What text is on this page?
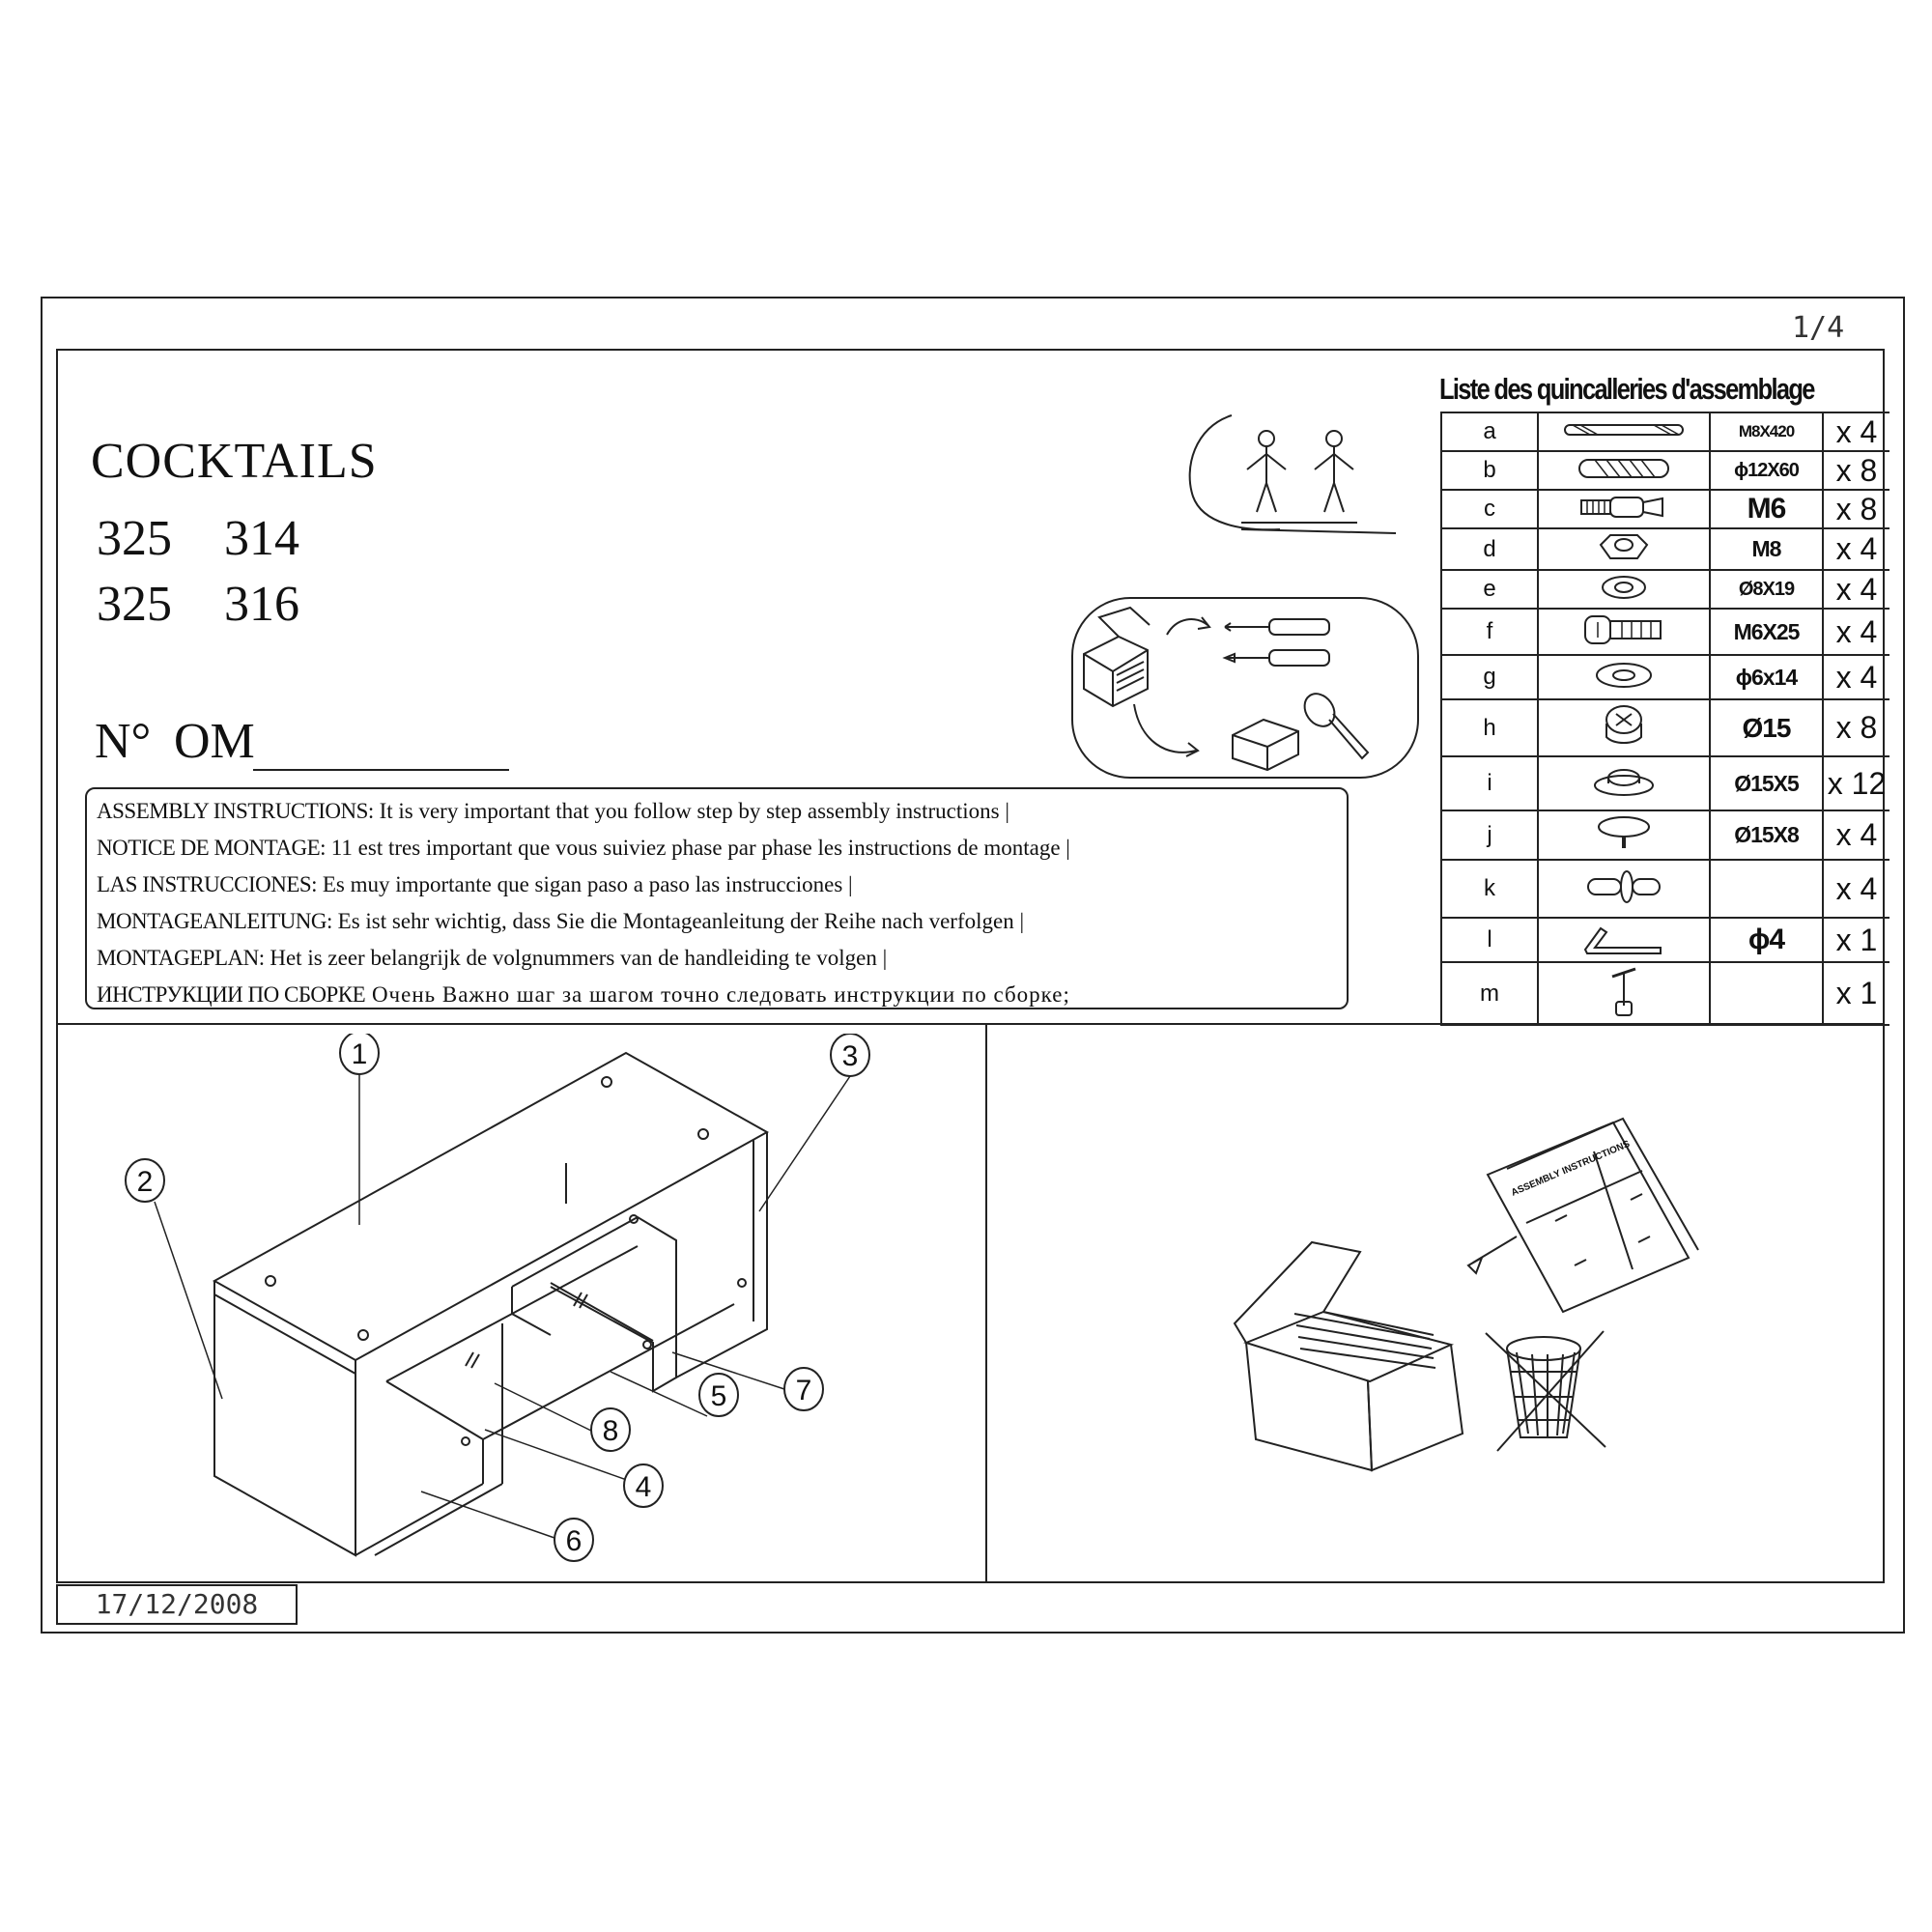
1/4
COCKTAILS
325 314
325 316
N° OM
ASSEMBLY INSTRUCTIONS: It is very important that you follow step by step assembly instructions |
NOTICE DE MONTAGE: 11 est tres important que vous suiviez phase par phase les instructions de montage |
LAS INSTRUCCIONES: Es muy importante que sigan paso a paso las instrucciones |
MONTAGEANLEITUNG: Es ist sehr wichtig, dass Sie die Montageanleitung der Reihe nach verfolgen |
MONTAGEPLAN: Het is zeer belangrijk de volgnummers van de handleiding te volgen |
ИНСТРУКЦИИ ПО СБОРКЕ Очень Важно шаг за шагом точно следовать инструкции по сборке;
Liste des quincalleries d'assemblage
a		M8X420	x 4
b		ϕ12X60	x 8
c		M6	x 8
d		M8	x 4
e		Ø8X19	x 4
f		M6X25	x 4
g		ϕ6x14	x 4
h		Ø15	x 8
i		Ø15X5	x 12
j		Ø15X8	x 4
k			x 4
l		ϕ4	x 1
m			x 1
1
2
3
4
5
6
7
8
ASSEMBLY INSTRUCTIONS
17/12/2008
